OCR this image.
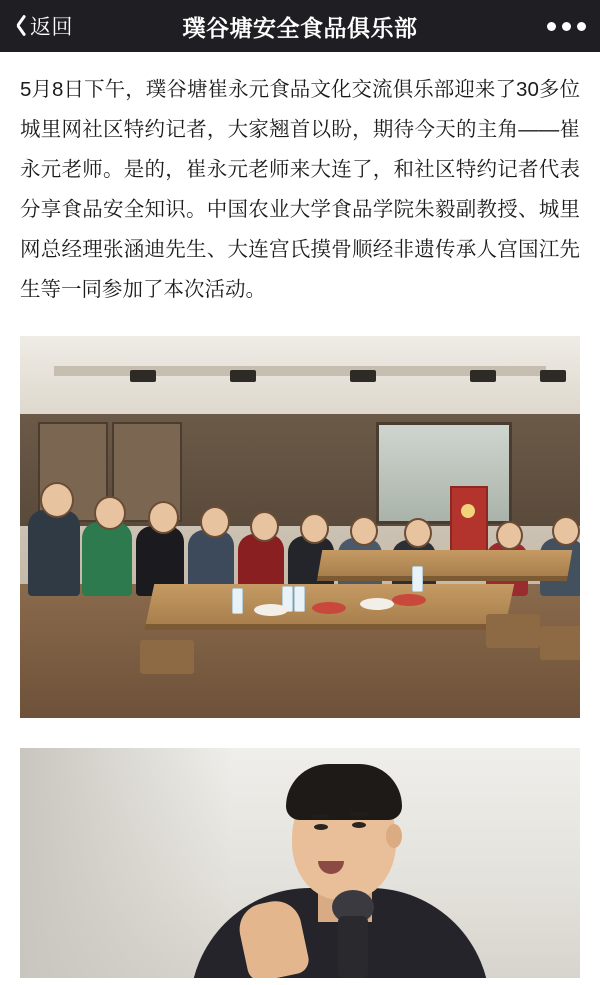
返回	璞谷塘安全食品俱乐部

5月8日下午，璞谷塘崔永元食品文化交流俱乐部迎来了30多位城里网社区特约记者，大家翘首以盼，期待今天的主角——崔永元老师。是的，崔永元老师来大连了，和社区特约记者代表分享食品安全知识。中国农业大学食品学院朱毅副教授、城里网总经理张涵迪先生、大连宫氏摸骨顺经非遗传承人宫国江先生等一同参加了本次活动。
